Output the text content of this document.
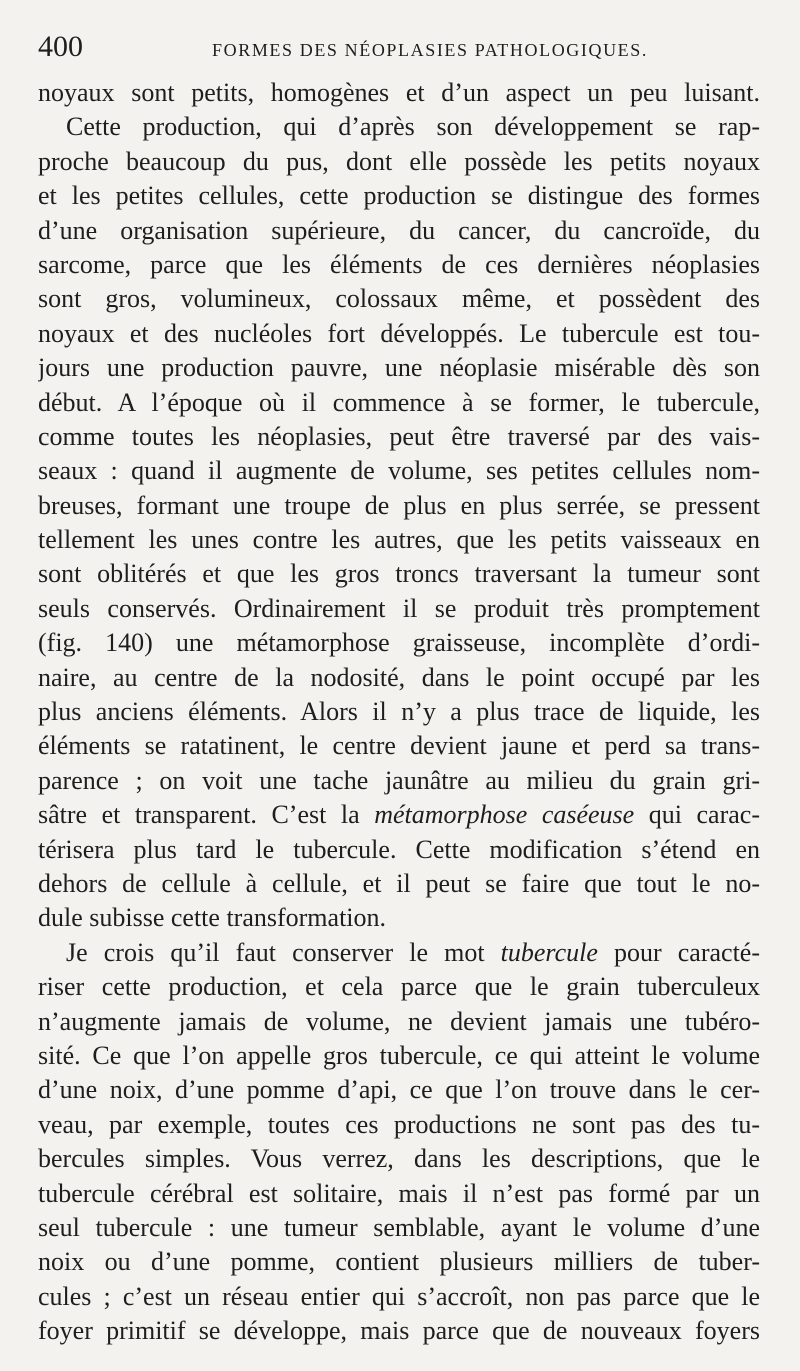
400	FORMES DES NÉOPLASIES PATHOLOGIQUES.
noyaux sont petits, homogènes et d’un aspect un peu luisant.
Cette production, qui d’après son développement se rap-
proche beaucoup du pus, dont elle possède les petits noyaux
et les petites cellules, cette production se distingue des formes
d’une organisation supérieure, du cancer, du cancroïde, du
sarcome, parce que les éléments de ces dernières néoplasies
sont gros, volumineux, colossaux même, et possèdent des
noyaux et des nucléoles fort développés. Le tubercule est tou-
jours une production pauvre, une néoplasie misérable dès son
début. A l’époque où il commence à se former, le tubercule,
comme toutes les néoplasies, peut être traversé par des vais-
seaux : quand il augmente de volume, ses petites cellules nom-
breuses, formant une troupe de plus en plus serrée, se pressent
tellement les unes contre les autres, que les petits vaisseaux en
sont oblitérés et que les gros troncs traversant la tumeur sont
seuls conservés. Ordinairement il se produit très promptement
(fig. 140) une métamorphose graisseuse, incomplète d’ordi-
naire, au centre de la nodosité, dans le point occupé par les
plus anciens éléments. Alors il n’y a plus trace de liquide, les
éléments se ratatinent, le centre devient jaune et perd sa trans-
parence ; on voit une tache jaunâtre au milieu du grain gri-
sâtre et transparent. C’est la métamorphose caséeuse qui carac-
térisera plus tard le tubercule. Cette modification s’étend en
dehors de cellule à cellule, et il peut se faire que tout le no-
dule subisse cette transformation.
Je crois qu’il faut conserver le mot tubercule pour caracté-
riser cette production, et cela parce que le grain tuberculeux
n’augmente jamais de volume, ne devient jamais une tubéro-
sité. Ce que l’on appelle gros tubercule, ce qui atteint le volume
d’une noix, d’une pomme d’api, ce que l’on trouve dans le cer-
veau, par exemple, toutes ces productions ne sont pas des tu-
bercules simples. Vous verrez, dans les descriptions, que le
tubercule cérébral est solitaire, mais il n’est pas formé par un
seul tubercule : une tumeur semblable, ayant le volume d’une
noix ou d’une pomme, contient plusieurs milliers de tuber-
cules ; c’est un réseau entier qui s’accroît, non pas parce que le
foyer primitif se développe, mais parce que de nouveaux foyers
